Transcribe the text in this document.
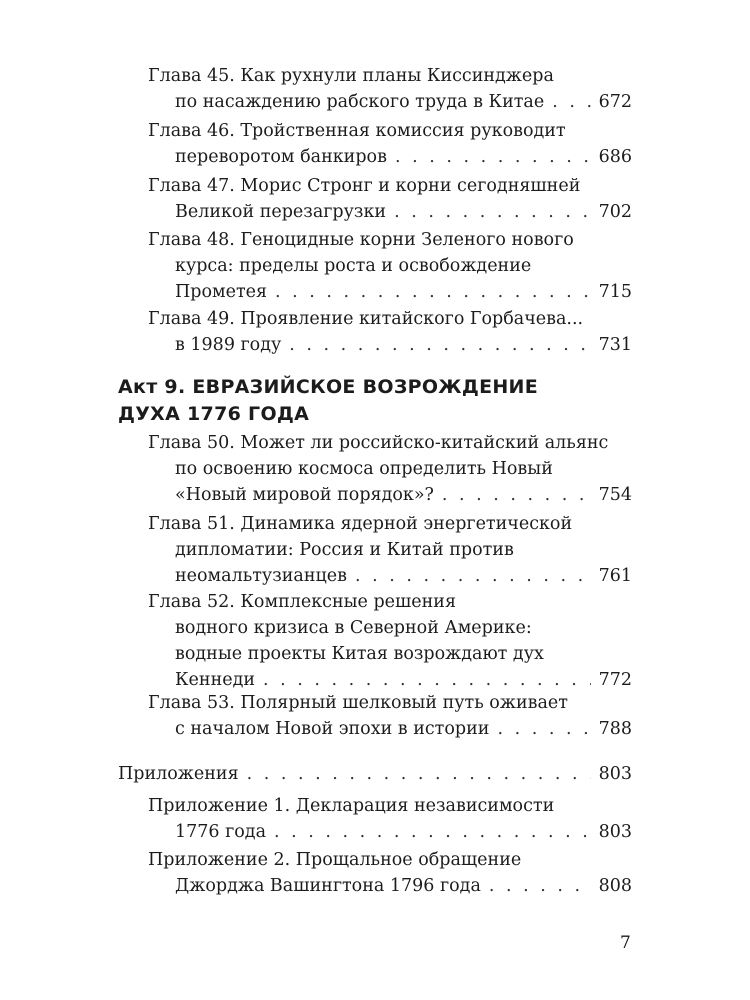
Глава 45. Как рухнули планы Киссинджера
по насаждению рабского труда в Китае . . .	672
Глава 46. Тройственная комиссия руководит
переворотом банкиров . . .	686
Глава 47. Морис Стронг и корни сегодняшней
Великой перезагрузки . . .	702
Глава 48. Геноцидные корни Зеленого нового
курса: пределы роста и освобождение
Прометея . . .	715
Глава 49. Проявление китайского Горбачева...
в 1989 году . . .	731
Акт 9. ЕВРАЗИЙСКОЕ ВОЗРОЖДЕНИЕ
ДУХА 1776 ГОДА
Глава 50. Может ли российско-китайский альянс
по освоению космоса определить Новый
«Новый мировой порядок»? . . .	754
Глава 51. Динамика ядерной энергетической
дипломатии: Россия и Китай против
неомальтузианцев . . .	761
Глава 52. Комплексные решения
водного кризиса в Северной Америке:
водные проекты Китая возрождают дух
Кеннеди . . .	772
Глава 53. Полярный шелковый путь оживает
с началом Новой эпохи в истории . . .	788
Приложения . . .	803
Приложение 1. Декларация независимости
1776 года . . .	803
Приложение 2. Прощальное обращение
Джорджа Вашингтона 1796 года . . .	808
7
